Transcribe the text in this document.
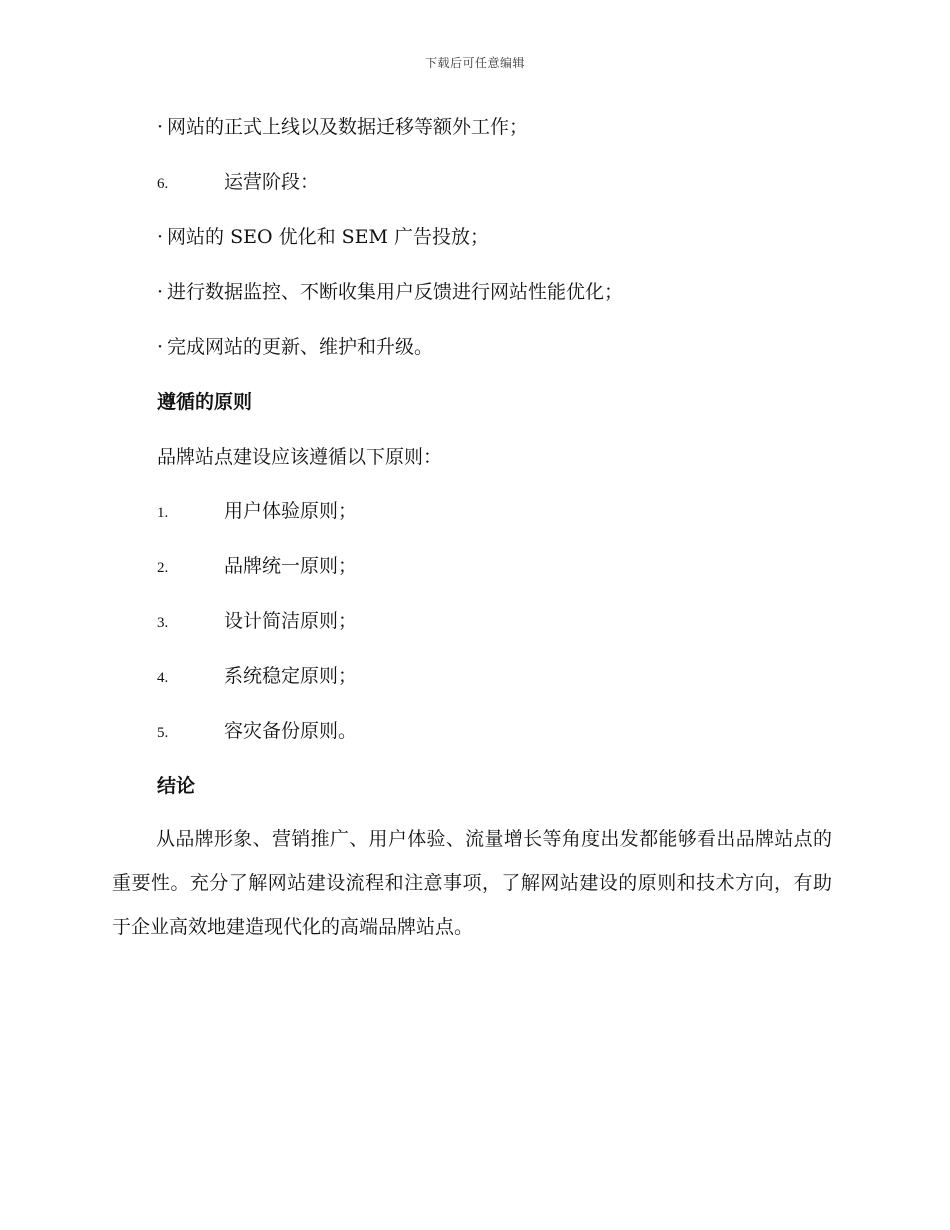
下载后可任意编辑
· 网站的正式上线以及数据迁移等额外工作；
6.	运营阶段：
· 网站的 SEO 优化和 SEM 广告投放；
· 进行数据监控、不断收集用户反馈进行网站性能优化；
· 完成网站的更新、维护和升级。
遵循的原则
品牌站点建设应该遵循以下原则：
1.	用户体验原则；
2.	品牌统一原则；
3.	设计简洁原则；
4.	系统稳定原则；
5.	容灾备份原则。
结论
从品牌形象、营销推广、用户体验、流量增长等角度出发都能够看出品牌站点的重要性。充分了解网站建设流程和注意事项，了解网站建设的原则和技术方向，有助于企业高效地建造现代化的高端品牌站点。
